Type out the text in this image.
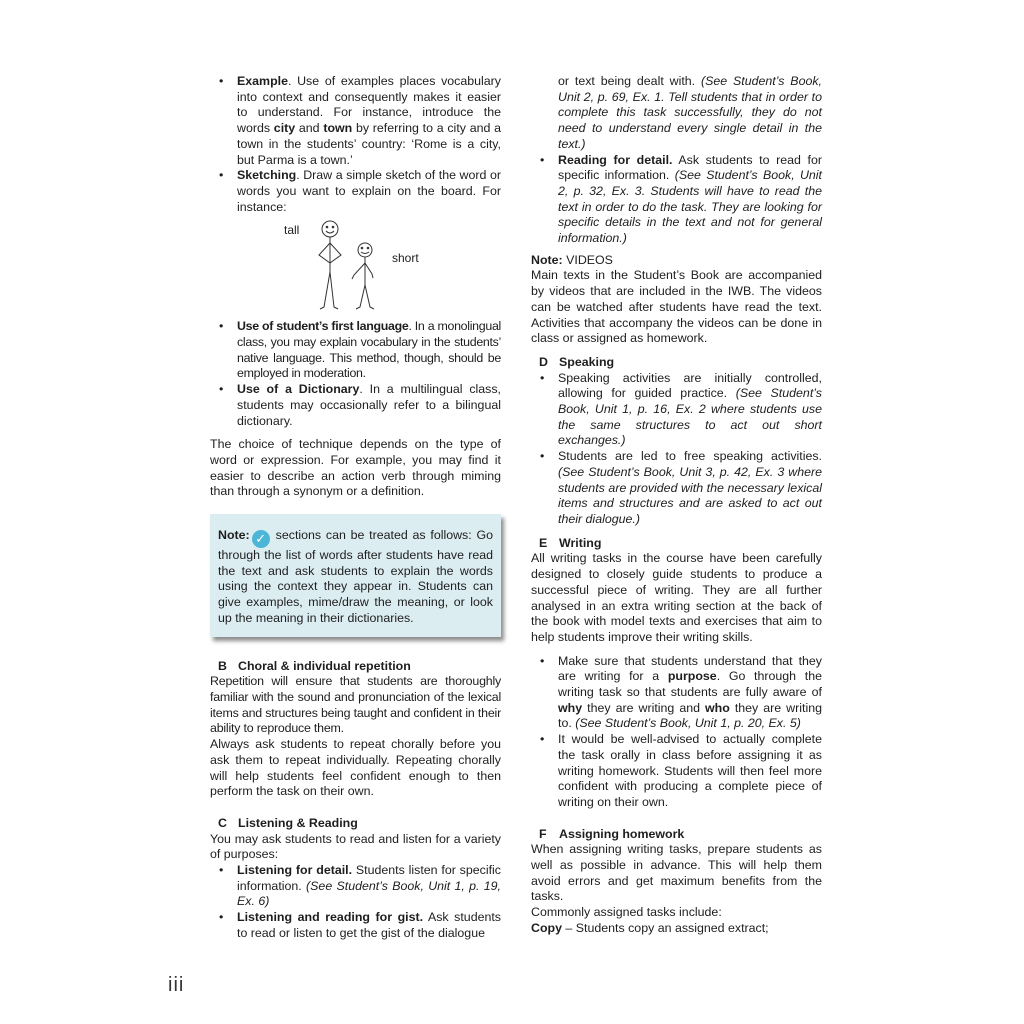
• Example. Use of examples places vocabulary into context and consequently makes it easier to understand. For instance, introduce the words city and town by referring to a city and a town in the students’ country: ‘Rome is a city, but Parma is a town.’
• Sketching. Draw a simple sketch of the word or words you want to explain on the board. For instance:
tall
short
• Use of student’s first language. In a monolingual class, you may explain vocabulary in the students’ native language. This method, though, should be employed in moderation.
• Use of a Dictionary. In a multilingual class, students may occasionally refer to a bilingual dictionary.

The choice of technique depends on the type of word or expression. For example, you may find it easier to describe an action verb through miming than through a synonym or a definition.

Note: ✓ sections can be treated as follows: Go through the list of words after students have read the text and ask students to explain the words using the context they appear in. Students can give examples, mime/draw the meaning, or look up the meaning in their dictionaries.

B Choral & individual repetition

Repetition will ensure that students are thoroughly familiar with the sound and pronunciation of the lexical items and structures being taught and confident in their ability to reproduce them.

Always ask students to repeat chorally before you ask them to repeat individually. Repeating chorally will help students feel confident enough to then perform the task on their own.

C Listening & Reading

You may ask students to read and listen for a variety of purposes:

• Listening for detail. Students listen for specific information. (See Student’s Book, Unit 1, p. 19, Ex. 6)
• Listening and reading for gist. Ask students to read or listen to get the gist of the dialogue
or text being dealt with. (See Student’s Book, Unit 2, p. 69, Ex. 1. Tell students that in order to complete this task successfully, they do not need to understand every single detail in the text.)
• Reading for detail. Ask students to read for specific information. (See Student’s Book, Unit 2, p. 32, Ex. 3. Students will have to read the text in order to do the task. They are looking for specific details in the text and not for general information.)

Note: VIDEOS

Main texts in the Student’s Book are accompanied by videos that are included in the IWB. The videos can be watched after students have read the text. Activities that accompany the videos can be done in class or assigned as homework.

D Speaking
• Speaking activities are initially controlled, allowing for guided practice. (See Student’s Book, Unit 1, p. 16, Ex. 2 where students use the same structures to act out short exchanges.)
• Students are led to free speaking activities. (See Student’s Book, Unit 3, p. 42, Ex. 3 where students are provided with the necessary lexical items and structures and are asked to act out their dialogue.)
E Writing

All writing tasks in the course have been carefully designed to closely guide students to produce a successful piece of writing. They are all further analysed in an extra writing section at the back of the book with model texts and exercises that aim to help students improve their writing skills.

• Make sure that students understand that they are writing for a purpose. Go through the writing task so that students are fully aware of why they are writing and who they are writing to. (See Student’s Book, Unit 1, p. 20, Ex. 5)
• It would be well-advised to actually complete the task orally in class before assigning it as writing homework. Students will then feel more confident with producing a complete piece of writing on their own.
F Assigning homework

When assigning writing tasks, prepare students as well as possible in advance. This will help them avoid errors and get maximum benefits from the tasks.

Commonly assigned tasks include:

Copy – Students copy an assigned extract;

iii
